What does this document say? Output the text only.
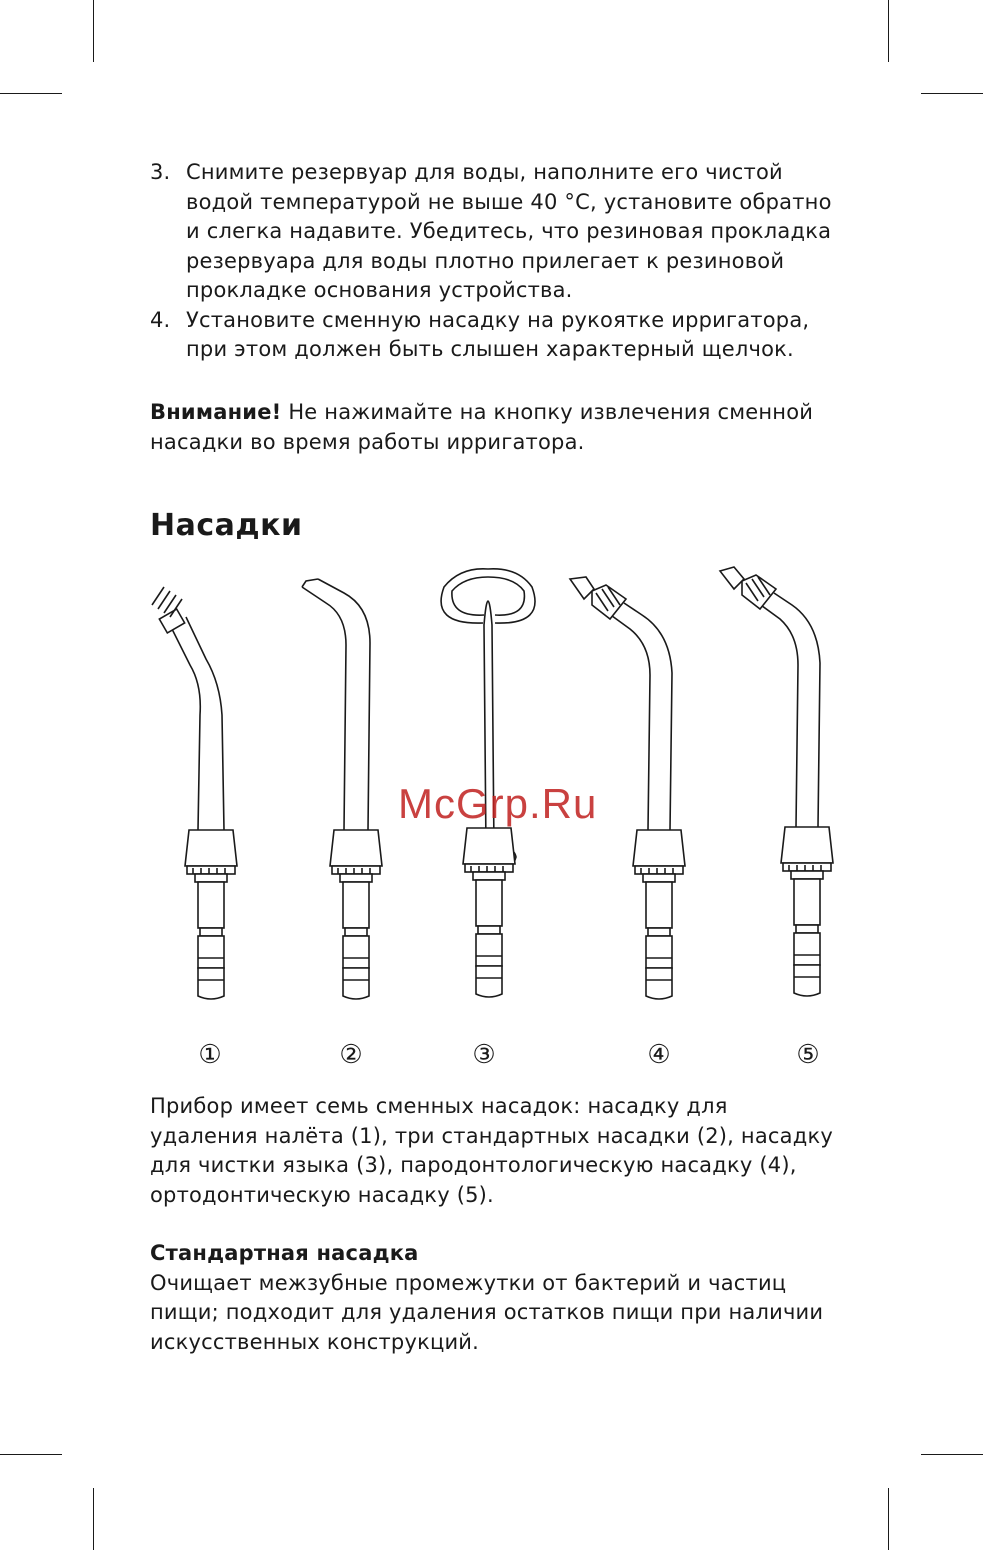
3. Снимите резервуар для воды, наполните его чистой водой температурой не выше 40 °C, установите обратно и слегка надавите. Убедитесь, что резиновая прокладка резервуара для воды плотно прилегает к резиновой прокладке основания устройства.
4. Установите сменную насадку на рукоятке ирригатора, при этом должен быть слышен характерный щелчок.
Внимание! Не нажимайте на кнопку извлечения сменной насадки во время работы ирригатора.
Насадки
①	②	③	④	⑤
McGrp.Ru
Прибор имеет семь сменных насадок: насадку для удаления налёта (1), три стандартных насадки (2), насадку для чистки языка (3), пародонтологическую насадку (4), ортодонтическую насадку (5).
Стандартная насадка
Очищает межзубные промежутки от бактерий и частиц пищи; подходит для удаления остатков пищи при наличии искусственных конструкций.
